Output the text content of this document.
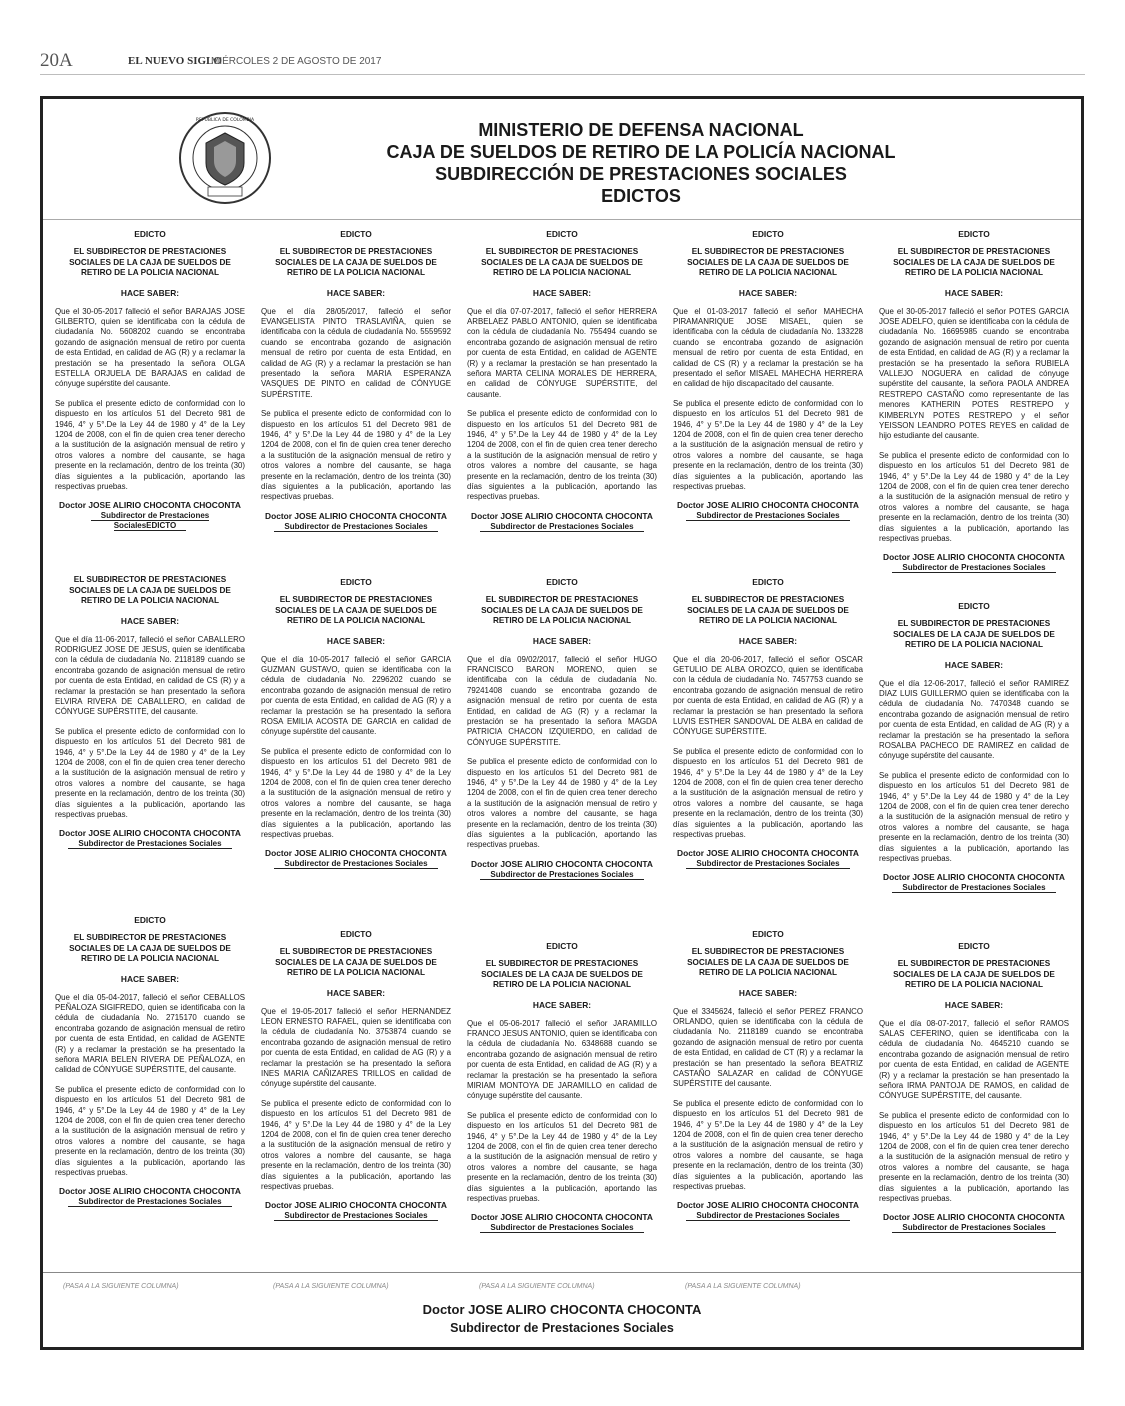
20A	EL NUEVO SIGLO
MIÉRCOLES 2 DE AGOSTO DE 2017
REPUBLICA DE COLOMBIA	MINISTERIO DE DEFENSA NACIONAL
CAJA DE SUELDOS DE RETIRO DE LA POLICÍA NACIONAL
SUBDIRECCIÓN DE PRESTACIONES SOCIALES
EDICTOS

EDICTO

EL SUBDIRECTOR DE PRESTACIONES SOCIALES DE LA CAJA DE SUELDOS DE RETIRO DE LA POLICIA NACIONAL

HACE SABER:

Que el 30-05-2017 falleció el señor BARAJAS JOSE GILBERTO, quien se identificaba con la cédula de ciudadanía No. 5608202 cuando se encontraba gozando de asignación mensual de retiro por cuenta de esta Entidad, en calidad de AG (R) y a reclamar la prestación se ha presentado la señora OLGA ESTELLA ORJUELA DE BARAJAS en calidad de cónyuge supérstite del causante.

Se publica el presente edicto de conformidad con lo dispuesto en los artículos 51 del Decreto 981 de 1946, 4° y 5°.De la Ley 44 de 1980 y 4° de la Ley 1204 de 2008, con el fin de quien crea tener derecho a la sustitución de la asignación mensual de retiro y otros valores a nombre del causante, se haga presente en la reclamación, dentro de los treinta (30) días siguientes a la publicación, aportando las respectivas pruebas.

Doctor JOSE ALIRIO CHOCONTA CHOCONTA

Subdirector de Prestaciones SocialesEDICTO

EL SUBDIRECTOR DE PRESTACIONES SOCIALES DE LA CAJA DE SUELDOS DE RETIRO DE LA POLICIA NACIONAL

HACE SABER:

Que el día 11-06-2017, falleció el señor CABALLERO RODRIGUEZ JOSE DE JESUS, quien se identificaba con la cédula de ciudadanía No. 2118189 cuando se encontraba gozando de asignación mensual de retiro por cuenta de esta Entidad, en calidad de CS (R) y a reclamar la prestación se han presentado la señora ELVIRA RIVERA DE CABALLERO, en calidad de CÓNYUGE SUPÉRSTITE, del causante.

Se publica el presente edicto de conformidad con lo dispuesto en los artículos 51 del Decreto 981 de 1946, 4° y 5°.De la Ley 44 de 1980 y 4° de la Ley 1204 de 2008, con el fin de quien crea tener derecho a la sustitución de la asignación mensual de retiro y otros valores a nombre del causante, se haga presente en la reclamación, dentro de los treinta (30) días siguientes a la publicación, aportando las respectivas pruebas.

Doctor JOSE ALIRIO CHOCONTA CHOCONTA

Subdirector de Prestaciones Sociales

EDICTO

EL SUBDIRECTOR DE PRESTACIONES SOCIALES DE LA CAJA DE SUELDOS DE RETIRO DE LA POLICIA NACIONAL

HACE SABER:

Que el día 05-04-2017, falleció el señor CEBALLOS PEÑALOZA SIGIFREDO, quien se identificaba con la cédula de ciudadanía No. 2715170 cuando se encontraba gozando de asignación mensual de retiro por cuenta de esta Entidad, en calidad de AGENTE (R) y a reclamar la prestación se ha presentado la señora MARIA BELEN RIVERA DE PEÑALOZA, en calidad de CÓNYUGE SUPÉRSTITE, del causante.

Se publica el presente edicto de conformidad con lo dispuesto en los artículos 51 del Decreto 981 de 1946, 4° y 5°.De la Ley 44 de 1980 y 4° de la Ley 1204 de 2008, con el fin de quien crea tener derecho a la sustitución de la asignación mensual de retiro y otros valores a nombre del causante, se haga presente en la reclamación, dentro de los treinta (30) días siguientes a la publicación, aportando las respectivas pruebas.

Doctor JOSE ALIRIO CHOCONTA CHOCONTA

Subdirector de Prestaciones Sociales

EDICTO

EL SUBDIRECTOR DE PRESTACIONES SOCIALES DE LA CAJA DE SUELDOS DE RETIRO DE LA POLICIA NACIONAL

HACE SABER:

Que el día 28/05/2017, falleció el señor EVANGELISTA PINTO TRASLAVIÑA, quien se identificaba con la cédula de ciudadanía No. 5559592 cuando se encontraba gozando de asignación mensual de retiro por cuenta de esta Entidad, en calidad de AG (R) y a reclamar la prestación se han presentado la señora MARIA ESPERANZA VASQUES DE PINTO en calidad de CÓNYUGE SUPÉRSTITE.

Se publica el presente edicto de conformidad con lo dispuesto en los artículos 51 del Decreto 981 de 1946, 4° y 5°.De la Ley 44 de 1980 y 4° de la Ley 1204 de 2008, con el fin de quien crea tener derecho a la sustitución de la asignación mensual de retiro y otros valores a nombre del causante, se haga presente en la reclamación, dentro de los treinta (30) días siguientes a la publicación, aportando las respectivas pruebas.

Doctor JOSE ALIRIO CHOCONTA CHOCONTA

Subdirector de Prestaciones Sociales

EDICTO

EL SUBDIRECTOR DE PRESTACIONES SOCIALES DE LA CAJA DE SUELDOS DE RETIRO DE LA POLICIA NACIONAL

HACE SABER:

Que el día 10-05-2017 falleció el señor GARCIA GUZMAN GUSTAVO, quien se identificaba con la cédula de ciudadanía No. 2296202 cuando se encontraba gozando de asignación mensual de retiro por cuenta de esta Entidad, en calidad de AG (R) y a reclamar la prestación se ha presentado la señora ROSA EMILIA ACOSTA DE GARCIA en calidad de cónyuge supérstite del causante.

Se publica el presente edicto de conformidad con lo dispuesto en los artículos 51 del Decreto 981 de 1946, 4° y 5°.De la Ley 44 de 1980 y 4° de la Ley 1204 de 2008, con el fin de quien crea tener derecho a la sustitución de la asignación mensual de retiro y otros valores a nombre del causante, se haga presente en la reclamación, dentro de los treinta (30) días siguientes a la publicación, aportando las respectivas pruebas.

Doctor JOSE ALIRIO CHOCONTA CHOCONTA

Subdirector de Prestaciones Sociales

EDICTO

EL SUBDIRECTOR DE PRESTACIONES SOCIALES DE LA CAJA DE SUELDOS DE RETIRO DE LA POLICIA NACIONAL

HACE SABER:

Que el 19-05-2017 falleció el señor HERNANDEZ LEON ERNESTO RAFAEL, quien se identificaba con la cédula de ciudadanía No. 3753874 cuando se encontraba gozando de asignación mensual de retiro por cuenta de esta Entidad, en calidad de AG (R) y a reclamar la prestación se ha presentado la señora INES MARIA CAÑIZARES TRILLOS en calidad de cónyuge supérstite del causante.

Se publica el presente edicto de conformidad con lo dispuesto en los artículos 51 del Decreto 981 de 1946, 4° y 5°.De la Ley 44 de 1980 y 4° de la Ley 1204 de 2008, con el fin de quien crea tener derecho a la sustitución de la asignación mensual de retiro y otros valores a nombre del causante, se haga presente en la reclamación, dentro de los treinta (30) días siguientes a la publicación, aportando las respectivas pruebas.

Doctor JOSE ALIRIO CHOCONTA CHOCONTA

Subdirector de Prestaciones Sociales

EDICTO

EL SUBDIRECTOR DE PRESTACIONES SOCIALES DE LA CAJA DE SUELDOS DE RETIRO DE LA POLICIA NACIONAL

HACE SABER:

Que el día 07-07-2017, falleció el señor HERRERA ARBELAEZ PABLO ANTONIO, quien se identificaba con la cédula de ciudadanía No. 755494 cuando se encontraba gozando de asignación mensual de retiro por cuenta de esta Entidad, en calidad de AGENTE (R) y a reclamar la prestación se han presentado la señora MARTA CELINA MORALES DE HERRERA, en calidad de CÓNYUGE SUPÉRSTITE, del causante.

Se publica el presente edicto de conformidad con lo dispuesto en los artículos 51 del Decreto 981 de 1946, 4° y 5°.De la Ley 44 de 1980 y 4° de la Ley 1204 de 2008, con el fin de quien crea tener derecho a la sustitución de la asignación mensual de retiro y otros valores a nombre del causante, se haga presente en la reclamación, dentro de los treinta (30) días siguientes a la publicación, aportando las respectivas pruebas.

Doctor JOSE ALIRIO CHOCONTA CHOCONTA

Subdirector de Prestaciones Sociales

EDICTO

EL SUBDIRECTOR DE PRESTACIONES SOCIALES DE LA CAJA DE SUELDOS DE RETIRO DE LA POLICIA NACIONAL

HACE SABER:

Que el día 09/02/2017, falleció el señor HUGO FRANCISCO BARON MORENO, quien se identificaba con la cédula de ciudadanía No. 79241408 cuando se encontraba gozando de asignación mensual de retiro por cuenta de esta Entidad, en calidad de AG (R) y a reclamar la prestación se ha presentado la señora MAGDA PATRICIA CHACON IZQUIERDO, en calidad de CÓNYUGE SUPÉRSTITE.

Se publica el presente edicto de conformidad con lo dispuesto en los artículos 51 del Decreto 981 de 1946, 4° y 5°.De la Ley 44 de 1980 y 4° de la Ley 1204 de 2008, con el fin de quien crea tener derecho a la sustitución de la asignación mensual de retiro y otros valores a nombre del causante, se haga presente en la reclamación, dentro de los treinta (30) días siguientes a la publicación, aportando las respectivas pruebas.

Doctor JOSE ALIRIO CHOCONTA CHOCONTA

Subdirector de Prestaciones Sociales

EDICTO

EL SUBDIRECTOR DE PRESTACIONES SOCIALES DE LA CAJA DE SUELDOS DE RETIRO DE LA POLICIA NACIONAL

HACE SABER:

Que el 05-06-2017 falleció el señor JARAMILLO FRANCO JESUS ANTONIO, quien se identificaba con la cédula de ciudadanía No. 6348688 cuando se encontraba gozando de asignación mensual de retiro por cuenta de esta Entidad, en calidad de AG (R) y a reclamar la prestación se ha presentado la señora MIRIAM MONTOYA DE JARAMILLO en calidad de cónyuge supérstite del causante.

Se publica el presente edicto de conformidad con lo dispuesto en los artículos 51 del Decreto 981 de 1946, 4° y 5°.De la Ley 44 de 1980 y 4° de la Ley 1204 de 2008, con el fin de quien crea tener derecho a la sustitución de la asignación mensual de retiro y otros valores a nombre del causante, se haga presente en la reclamación, dentro de los treinta (30) días siguientes a la publicación, aportando las respectivas pruebas.

Doctor JOSE ALIRIO CHOCONTA CHOCONTA

Subdirector de Prestaciones Sociales

EDICTO

EL SUBDIRECTOR DE PRESTACIONES SOCIALES DE LA CAJA DE SUELDOS DE RETIRO DE LA POLICIA NACIONAL

HACE SABER:

Que el 01-03-2017 falleció el señor MAHECHA PIRAMANRIQUE JOSE MISAEL, quien se identificaba con la cédula de ciudadanía No. 133228 cuando se encontraba gozando de asignación mensual de retiro por cuenta de esta Entidad, en calidad de CS (R) y a reclamar la prestación se ha presentado el señor MISAEL MAHECHA HERRERA en calidad de hijo discapacitado del causante.

Se publica el presente edicto de conformidad con lo dispuesto en los artículos 51 del Decreto 981 de 1946, 4° y 5°.De la Ley 44 de 1980 y 4° de la Ley 1204 de 2008, con el fin de quien crea tener derecho a la sustitución de la asignación mensual de retiro y otros valores a nombre del causante, se haga presente en la reclamación, dentro de los treinta (30) días siguientes a la publicación, aportando las respectivas pruebas.

Doctor JOSE ALIRIO CHOCONTA CHOCONTA

Subdirector de Prestaciones Sociales

EDICTO

EL SUBDIRECTOR DE PRESTACIONES SOCIALES DE LA CAJA DE SUELDOS DE RETIRO DE LA POLICIA NACIONAL

HACE SABER:

Que el día 20-06-2017, falleció el señor OSCAR GETULIO DE ALBA OROZCO, quien se identificaba con la cédula de ciudadanía No. 7457753 cuando se encontraba gozando de asignación mensual de retiro por cuenta de esta Entidad, en calidad de AG (R) y a reclamar la prestación se han presentado la señora LUVIS ESTHER SANDOVAL DE ALBA en calidad de CÓNYUGE SUPÉRSTITE.

Se publica el presente edicto de conformidad con lo dispuesto en los artículos 51 del Decreto 981 de 1946, 4° y 5°.De la Ley 44 de 1980 y 4° de la Ley 1204 de 2008, con el fin de quien crea tener derecho a la sustitución de la asignación mensual de retiro y otros valores a nombre del causante, se haga presente en la reclamación, dentro de los treinta (30) días siguientes a la publicación, aportando las respectivas pruebas.

Doctor JOSE ALIRIO CHOCONTA CHOCONTA

Subdirector de Prestaciones Sociales

EDICTO

EL SUBDIRECTOR DE PRESTACIONES SOCIALES DE LA CAJA DE SUELDOS DE RETIRO DE LA POLICIA NACIONAL

HACE SABER:

Que el 3345624, falleció el señor PEREZ FRANCO ORLANDO, quien se identificaba con la cédula de ciudadanía No. 2118189 cuando se encontraba gozando de asignación mensual de retiro por cuenta de esta Entidad, en calidad de CT (R) y a reclamar la prestación se han presentado la señora BEATRIZ CASTAÑO SALAZAR en calidad de CÓNYUGE SUPÉRSTITE del causante.

Se publica el presente edicto de conformidad con lo dispuesto en los artículos 51 del Decreto 981 de 1946, 4° y 5°.De la Ley 44 de 1980 y 4° de la Ley 1204 de 2008, con el fin de quien crea tener derecho a la sustitución de la asignación mensual de retiro y otros valores a nombre del causante, se haga presente en la reclamación, dentro de los treinta (30) días siguientes a la publicación, aportando las respectivas pruebas.

Doctor JOSE ALIRIO CHOCONTA CHOCONTA

Subdirector de Prestaciones Sociales

EDICTO

EL SUBDIRECTOR DE PRESTACIONES SOCIALES DE LA CAJA DE SUELDOS DE RETIRO DE LA POLICIA NACIONAL

HACE SABER:

Que el 30-05-2017 falleció el señor POTES GARCIA JOSE ADELFO, quien se identificaba con la cédula de ciudadanía No. 16695985 cuando se encontraba gozando de asignación mensual de retiro por cuenta de esta Entidad, en calidad de AG (R) y a reclamar la prestación se ha presentado la señora RUBIELA VALLEJO NOGUERA en calidad de cónyuge supérstite del causante, la señora PAOLA ANDREA RESTREPO CASTAÑO como representante de las menores KATHERIN POTES RESTREPO y KIMBERLYN POTES RESTREPO y el señor YEISSON LEANDRO POTES REYES en calidad de hijo estudiante del causante.

Se publica el presente edicto de conformidad con lo dispuesto en los artículos 51 del Decreto 981 de 1946, 4° y 5°.De la Ley 44 de 1980 y 4° de la Ley 1204 de 2008, con el fin de quien crea tener derecho a la sustitución de la asignación mensual de retiro y otros valores a nombre del causante, se haga presente en la reclamación, dentro de los treinta (30) días siguientes a la publicación, aportando las respectivas pruebas.

Doctor JOSE ALIRIO CHOCONTA CHOCONTA

Subdirector de Prestaciones Sociales

EDICTO

EL SUBDIRECTOR DE PRESTACIONES SOCIALES DE LA CAJA DE SUELDOS DE RETIRO DE LA POLICIA NACIONAL

HACE SABER:

Que el día 12-06-2017, falleció el señor RAMIREZ DIAZ LUIS GUILLERMO quien se identificaba con la cédula de ciudadanía No. 7470348 cuando se encontraba gozando de asignación mensual de retiro por cuenta de esta Entidad, en calidad de AG (R) y a reclamar la prestación se ha presentado la señora ROSALBA PACHECO DE RAMIREZ en calidad de cónyuge supérstite del causante.

Se publica el presente edicto de conformidad con lo dispuesto en los artículos 51 del Decreto 981 de 1946, 4° y 5°.De la Ley 44 de 1980 y 4° de la Ley 1204 de 2008, con el fin de quien crea tener derecho a la sustitución de la asignación mensual de retiro y otros valores a nombre del causante, se haga presente en la reclamación, dentro de los treinta (30) días siguientes a la publicación, aportando las respectivas pruebas.

Doctor JOSE ALIRIO CHOCONTA CHOCONTA

Subdirector de Prestaciones Sociales

EDICTO

EL SUBDIRECTOR DE PRESTACIONES SOCIALES DE LA CAJA DE SUELDOS DE RETIRO DE LA POLICIA NACIONAL

HACE SABER:

Que el día 08-07-2017, falleció el señor RAMOS SALAS CEFERINO, quien se identificaba con la cédula de ciudadanía No. 4645210 cuando se encontraba gozando de asignación mensual de retiro por cuenta de esta Entidad, en calidad de AGENTE (R) y a reclamar la prestación se han presentado la señora IRMA PANTOJA DE RAMOS, en calidad de CÓNYUGE SUPÉRSTITE, del causante.

Se publica el presente edicto de conformidad con lo dispuesto en los artículos 51 del Decreto 981 de 1946, 4° y 5°.De la Ley 44 de 1980 y 4° de la Ley 1204 de 2008, con el fin de quien crea tener derecho a la sustitución de la asignación mensual de retiro y otros valores a nombre del causante, se haga presente en la reclamación, dentro de los treinta (30) días siguientes a la publicación, aportando las respectivas pruebas.

Doctor JOSE ALIRIO CHOCONTA CHOCONTA

Subdirector de Prestaciones Sociales

(PASA A LA SIGUIENTE COLUMNA)	(PASA A LA SIGUIENTE COLUMNA)	(PASA A LA SIGUIENTE COLUMNA)	(PASA A LA SIGUIENTE COLUMNA)
Doctor JOSE ALIRO CHOCONTA CHOCONTA
Subdirector de Prestaciones Sociales
